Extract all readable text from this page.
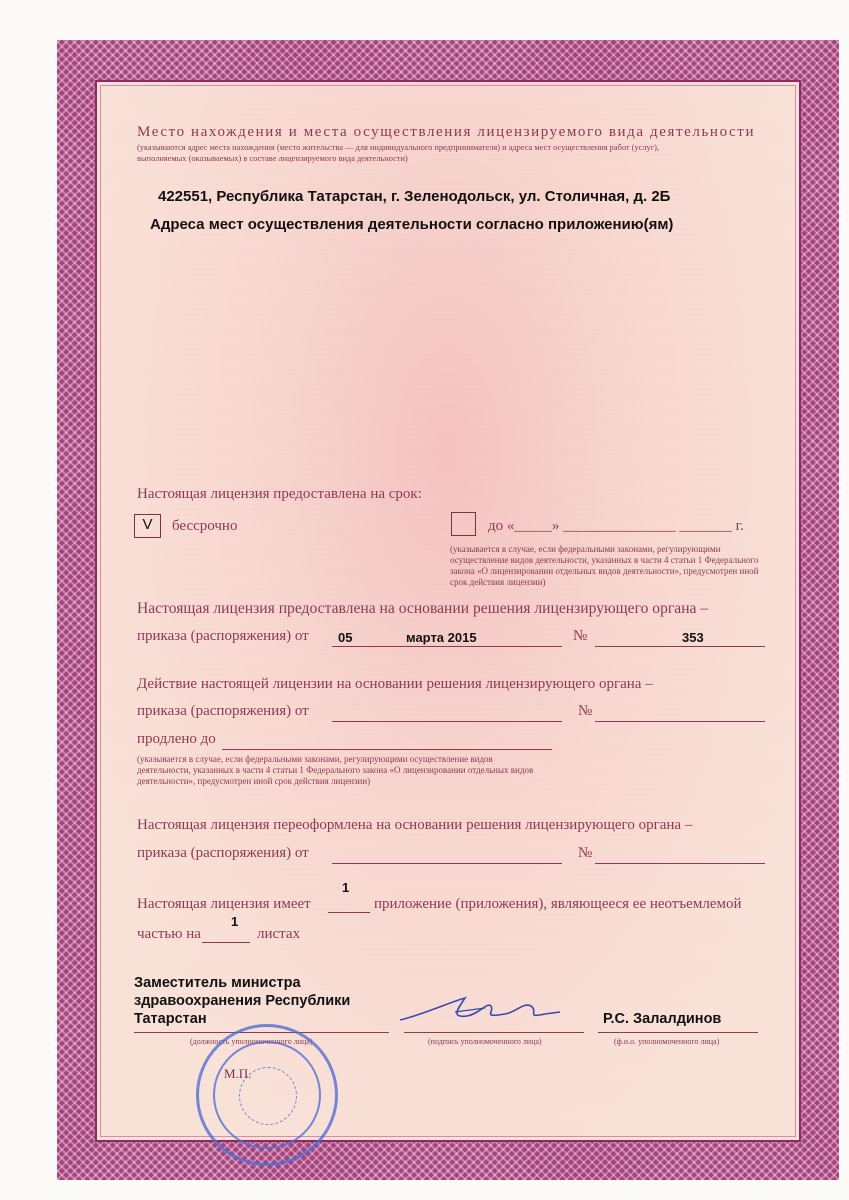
Место нахождения и места осуществления лицензируемого вида деятельности
(указываются адрес места нахождения (место жительства — для индивидуального предпринимателя) и адреса мест осуществления работ (услуг),
выполняемых (оказываемых) в составе лицензируемого вида деятельности)
422551, Республика Татарстан, г. Зеленодольск, ул. Столичная, д. 2Б
Адреса мест осуществления деятельности согласно приложению(ям)
Настоящая лицензия предоставлена на срок:
V	бессрочно	до «_____» _______________ _______ г.
(указывается в случае, если федеральными законами, регулирующими осуществление видов деятельности, указанных в части 4 статьи 1 Федерального закона «О лицензировании отдельных видов деятельности», предусмотрен иной срок действия лицензии)
Настоящая лицензия предоставлена на основании решения лицензирующего органа –
приказа (распоряжения) от 05	марта 2015	№	353
Действие настоящей лицензии на основании решения лицензирующего органа –
приказа (распоряжения) от	№
продлено до
(указывается в случае, если федеральными законами, регулирующими осуществление видов деятельности, указанных в части 4 статьи 1 Федерального закона «О лицензировании отдельных видов деятельности», предусмотрен иной срок действия лицензии)
Настоящая лицензия переоформлена на основании решения лицензирующего органа –
приказа (распоряжения) от	№
1
Настоящая лицензия имеет	приложение (приложения), являющееся ее неотъемлемой
частью на
1
листах
Заместитель министра
здравоохранения Республики
Татарстан	Р.С. Залалдинов
(должность уполномоченного лица)	(подпись уполномоченного лица)	(ф.и.о. уполномоченного лица)
М.П.
